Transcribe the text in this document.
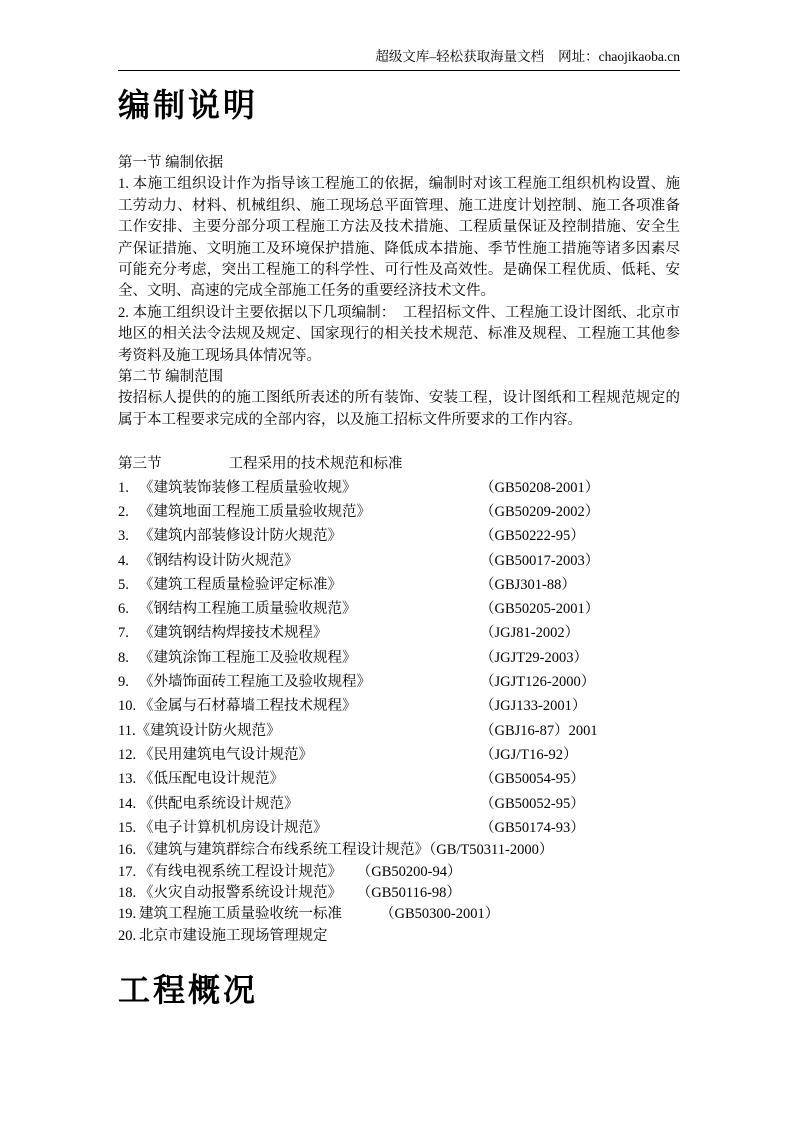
超级文库–轻松获取海量文档 网址：chaojikaoba.cn
编制说明
第一节 编制依据

1. 本施工组织设计作为指导该工程施工的依据，编制时对该工程施工组织机构设置、施工劳动力、材料、机械组织、施工现场总平面管理、施工进度计划控制、施工各项准备工作安排、主要分部分项工程施工方法及技术措施、工程质量保证及控制措施、安全生产保证措施、文明施工及环境保护措施、降低成本措施、季节性施工措施等诸多因素尽可能充分考虑，突出工程施工的科学性、可行性及高效性。是确保工程优质、低耗、安全、文明、高速的完成全部施工任务的重要经济技术文件。

2. 本施工组织设计主要依据以下几项编制：　工程招标文件、工程施工设计图纸、北京市地区的相关法令法规及规定、国家现行的相关技术规范、标准及规程、工程施工其他参考资料及施工现场具体情况等。

第二节 编制范围

按招标人提供的的施工图纸所表述的所有装饰、安装工程，设计图纸和工程规范规定的属于本工程要求完成的全部内容，以及施工招标文件所要求的工作内容。

第三节	工程采用的技术规范和标准
1. 《建筑装饰装修工程质量验收规》	（GB50208-2001）
2. 《建筑地面工程施工质量验收规范》	（GB50209-2002）
3. 《建筑内部装修设计防火规范》	（GB50222-95）
4. 《钢结构设计防火规范》	（GB50017-2003）
5. 《建筑工程质量检验评定标准》	（GBJ301-88）
6. 《钢结构工程施工质量验收规范》	（GB50205-2001）
7. 《建筑钢结构焊接技术规程》	（JGJ81-2002）
8. 《建筑涂饰工程施工及验收规程》	（JGJT29-2003）
9. 《外墙饰面砖工程施工及验收规程》	（JGJT126-2000）
10. 《金属与石材幕墙工程技术规程》	（JGJ133-2001）
11.《建筑设计防火规范》	（GBJ16-87）2001
12. 《民用建筑电气设计规范》	（JGJ/T16-92）
13. 《低压配电设计规范》	（GB50054-95）
14. 《供配电系统设计规范》	（GB50052-95）
15. 《电子计算机机房设计规范》	（GB50174-93）
16. 《建筑与建筑群综合布线系统工程设计规范》（GB/T50311-2000）
17. 《有线电视系统工程设计规范》 （GB50200-94）
18. 《火灾自动报警系统设计规范》 （GB50116-98）
19. 建筑工程施工质量验收统一标准	（GB50300-2001）
20. 北京市建设施工现场管理规定
工程概况
